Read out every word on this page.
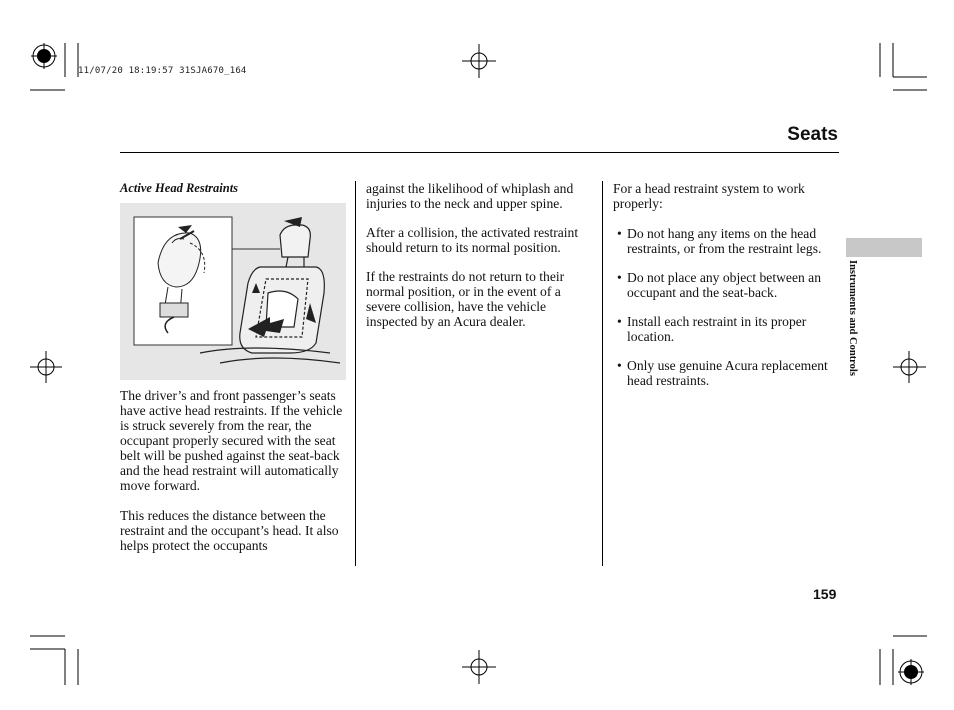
11/07/20 18:19:57 31SJA670_164
Seats
Active Head Restraints

The driver’s and front passenger’s seats have active head restraints. If the vehicle is struck severely from the rear, the occupant properly secured with the seat belt will be pushed against the seat-back and the head restraint will automatically move forward.

This reduces the distance between the restraint and the occupant’s head. It also helps protect the occupants

against the likelihood of whiplash and injuries to the neck and upper spine.

After a collision, the activated restraint should return to its normal position.

If the restraints do not return to their normal position, or in the event of a severe collision, have the vehicle inspected by an Acura dealer.

For a head restraint system to work properly:

• Do not hang any items on the head restraints, or from the restraint legs.
• Do not place any object between an occupant and the seat-back.
• Install each restraint in its proper location.
• Only use genuine Acura replacement head restraints.
Instruments and Controls
159
